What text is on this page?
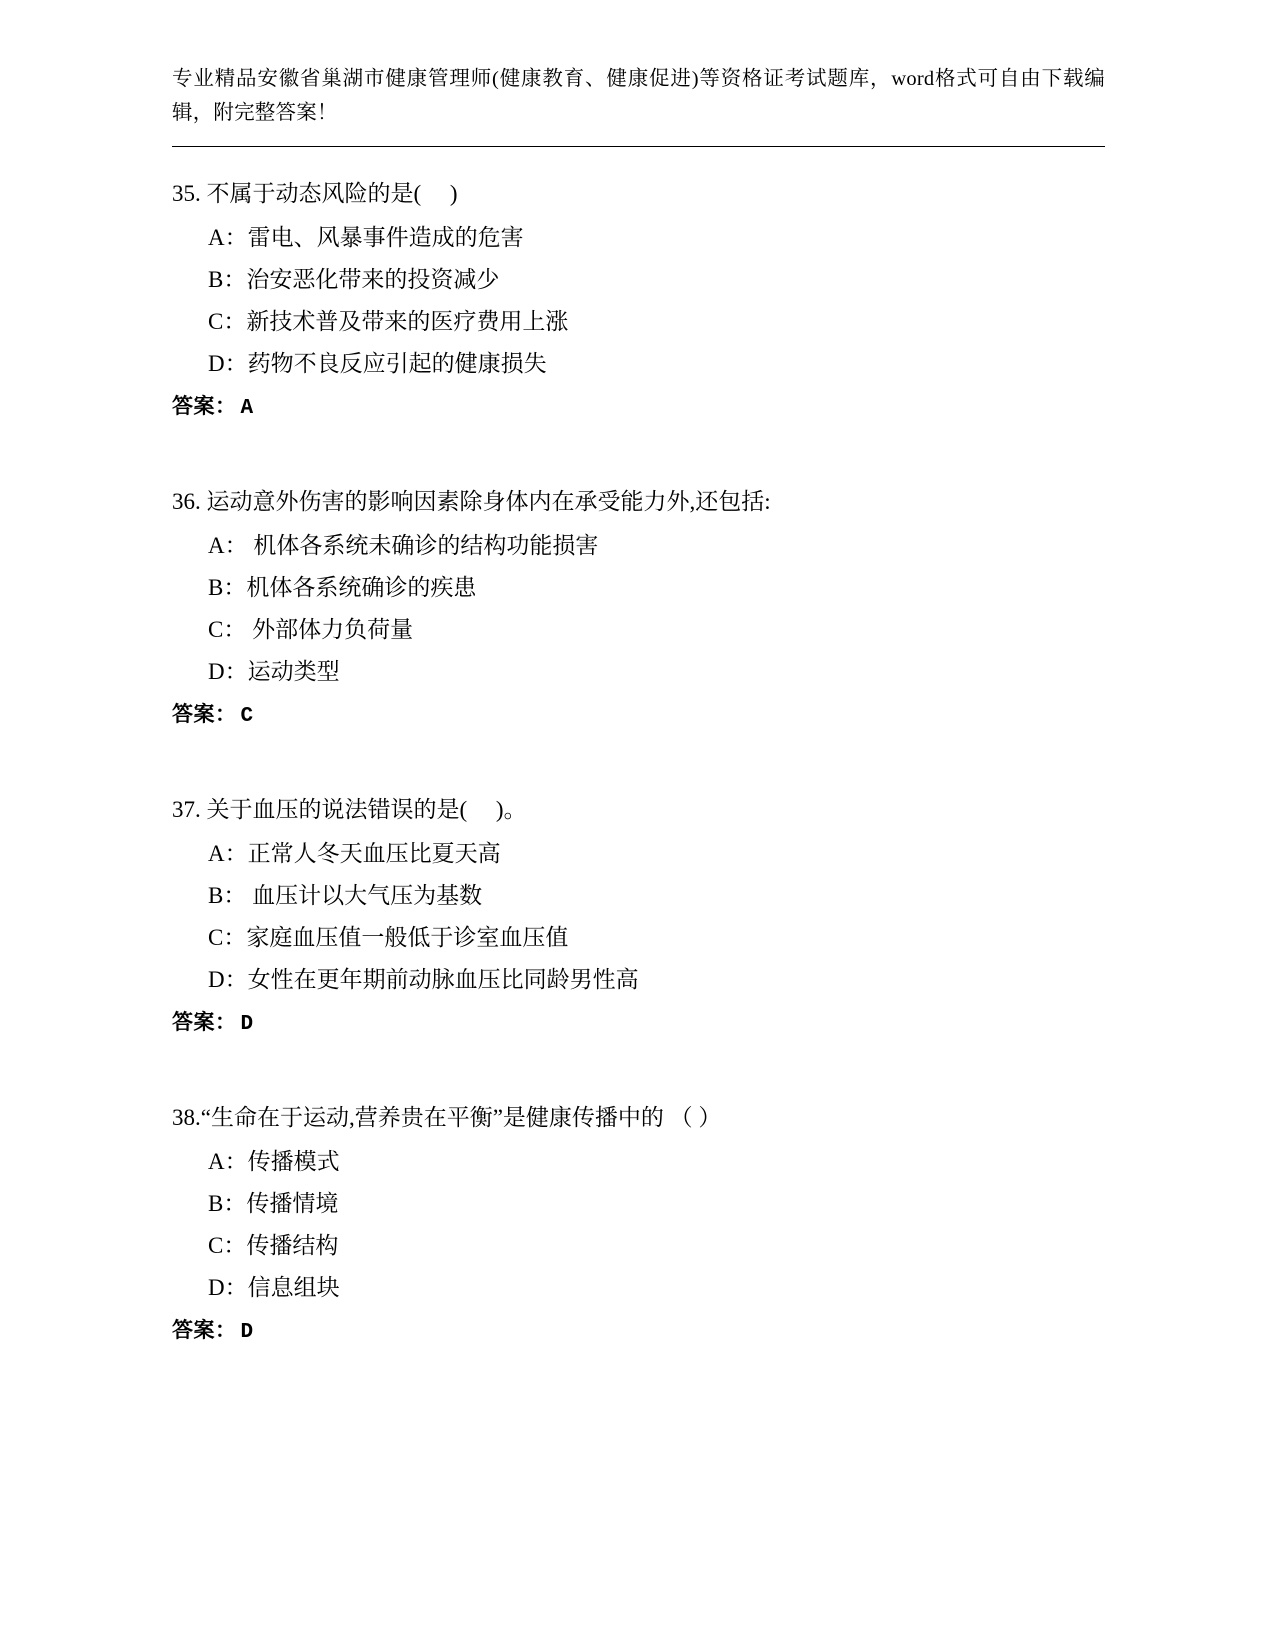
专业精品安徽省巢湖市健康管理师(健康教育、健康促进)等资格证考试题库，word格式可自由下载编辑，附完整答案！
35. 不属于动态风险的是(     )
A：雷电、风暴事件造成的危害
B：治安恶化带来的投资减少
C：新技术普及带来的医疗费用上涨
D：药物不良反应引起的健康损失
答案： A
36. 运动意外伤害的影响因素除身体内在承受能力外,还包括:
A： 机体各系统未确诊的结构功能损害
B：机体各系统确诊的疾患
C： 外部体力负荷量
D：运动类型
答案： C
37. 关于血压的说法错误的是(     )。
A：正常人冬天血压比夏天高
B： 血压计以大气压为基数
C：家庭血压值一般低于诊室血压值
D：女性在更年期前动脉血压比同龄男性高
答案： D
38.“生命在于运动,营养贵在平衡”是健康传播中的 （ ）
A：传播模式
B：传播情境
C：传播结构
D：信息组块
答案： D
